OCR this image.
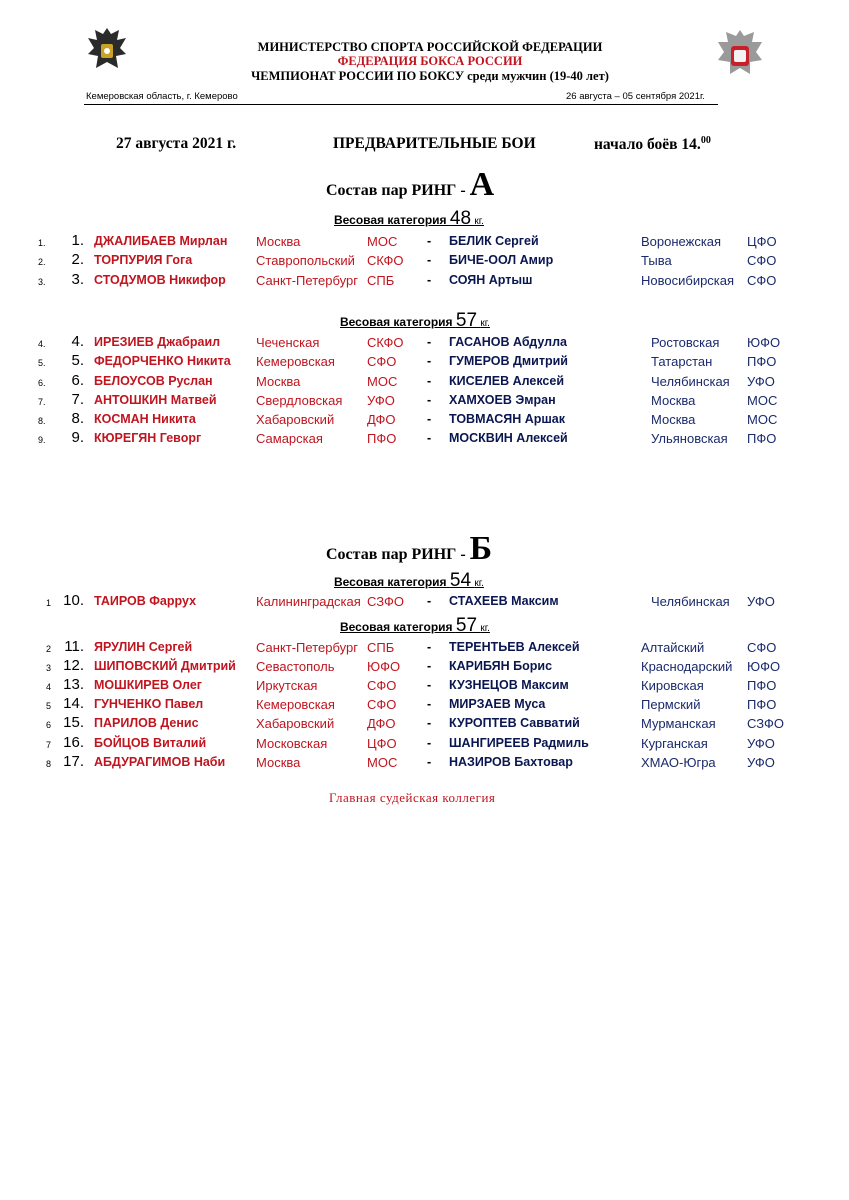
МИНИСТЕРСТВО СПОРТА РОССИЙСКОЙ ФЕДЕРАЦИИ
ФЕДЕРАЦИЯ БОКСА РОССИИ
ЧЕМПИОНАТ РОССИИ ПО БОКСУ среди мужчин (19-40 лет)
Кемеровская область, г. Кемерово	26 августа – 05 сентября 2021г.
27 августа 2021 г.	ПРЕДВАРИТЕЛЬНЫЕ БОИ	начало боёв 14.00
Состав пар РИНГ - А
Весовая категория 48 кг.
1.	1. ДЖАЛИБАЕВ Мирлан Москва	МОС - БЕЛИК Сергей	Воронежская ЦФО
2.	2. ТОРПУРИЯ Гога	Ставропольский СКФО - БИЧЕ-ООЛ Амир	Тыва	СФО
3.	3. СТОДУМОВ Никифор Санкт-Петербург СПБ	- СОЯН Артыш	Новосибирская СФО
Весовая категория 57 кг.
4.	4. ИРЕЗИЕВ Джабраил	Чеченская	СКФО - ГАСАНОВ Абдулла	Ростовская ЮФО
5.	5. ФЕДОРЧЕНКО Никита Кемеровская СФО - ГУМЕРОВ Дмитрий	Татарстан	ПФО
6.	6. БЕЛОУСОВ Руслан	Москва	МОС - КИСЕЛЕВ Алексей	Челябинская УФО
7.	7. АНТОШКИН Матвей	Свердловская УФО	- ХАМХОЕВ Эмран	Москва	МОС
8.	8. КОСМАН Никита	Хабаровский	ДФО	- ТОВМАСЯН Аршак	Москва	МОС
9.	9. КЮРЕГЯН Геворг	Самарская	ПФО - МОСКВИН Алексей	Ульяновская ПФО
Состав пар РИНГ - Б
Весовая категория 54 кг.
1 10. ТАИРОВ Фаррух	Калининградская СЗФО - СТАХЕЕВ Максим	Челябинская УФО
Весовая категория 57 кг.
2 11. ЯРУЛИН Сергей	Санкт-Петербург СПБ	- ТЕРЕНТЬЕВ Алексей	Алтайский	СФО
3 12. ШИПОВСКИЙ Дмитрий Севастополь	ЮФО - КАРИБЯН Борис	Краснодарский ЮФО
4 13. МОШКИРЕВ Олег	Иркутская	СФО - КУЗНЕЦОВ Максим	Кировская	ПФО
5 14. ГУНЧЕНКО Павел	Кемеровская СФО - МИРЗАЕВ Муса	Пермский	ПФО
6 15. ПАРИЛОВ Денис	Хабаровский	ДФО	- КУРОПТЕВ Савватий	Мурманская СЗФО
7 16. БОЙЦОВ Виталий	Московская	ЦФО - ШАНГИРЕЕВ Радмиль	Курганская	УФО
8 17. АБДУРАГИМОВ Наби Москва	МОС - НАЗИРОВ Бахтовар	ХМАО-Югра УФО
Главная судейская коллегия
